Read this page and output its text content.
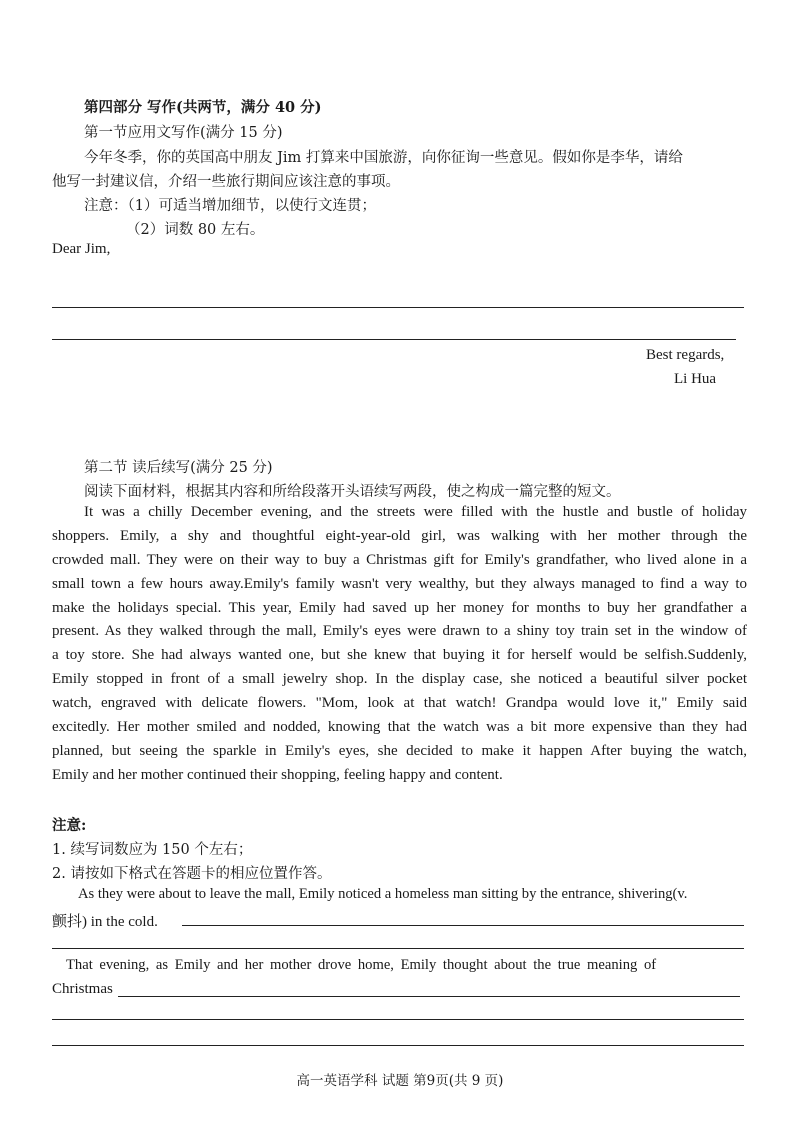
第四部分 写作(共两节，满分 40 分)
第一节应用文写作(满分 15 分)
今年冬季，你的英国高中朋友 Jim 打算来中国旅游，向你征询一些意见。假如你是李华，请给
他写一封建议信，介绍一些旅行期间应该注意的事项。
注意：（1）可适当增加细节，以使行文连贯；
（2）词数 80 左右。
Dear Jim,
Best regards,
Li Hua
第二节 读后续写(满分 25 分)
阅读下面材料，根据其内容和所给段落开头语续写两段，使之构成一篇完整的短文。
It was a chilly December evening, and the streets were filled with the hustle and bustle of holiday
shoppers. Emily, a shy and thoughtful eight-year-old girl, was walking with her mother through the
crowded mall. They were on their way to buy a Christmas gift for Emily's grandfather, who lived alone in a
small town a few hours away.Emily's family wasn't very wealthy, but they always managed to find a way to
make the holidays special. This year, Emily had saved up her money for months to buy her grandfather a
present. As they walked through the mall, Emily's eyes were drawn to a shiny toy train set in the window of
a toy store. She had always wanted one, but she knew that buying it for herself would be selfish.Suddenly,
Emily stopped in front of a small jewelry shop. In the display case, she noticed a beautiful silver pocket
watch, engraved with delicate flowers. "Mom, look at that watch! Grandpa would love it," Emily said
excitedly. Her mother smiled and nodded, knowing that the watch was a bit more expensive than they had
planned, but seeing the sparkle in Emily's eyes, she decided to make it happen After buying the watch,
Emily and her mother continued their shopping, feeling happy and content.
注意:
1. 续写词数应为 150 个左右；
2. 请按如下格式在答题卡的相应位置作答。
As they were about to leave the mall, Emily noticed a homeless man sitting by the entrance, shivering(v.
颤抖) in the cold.
That evening, as Emily and her mother drove home, Emily thought about the true meaning of
Christmas
高一英语学科 试题 第9页(共 9 页)
